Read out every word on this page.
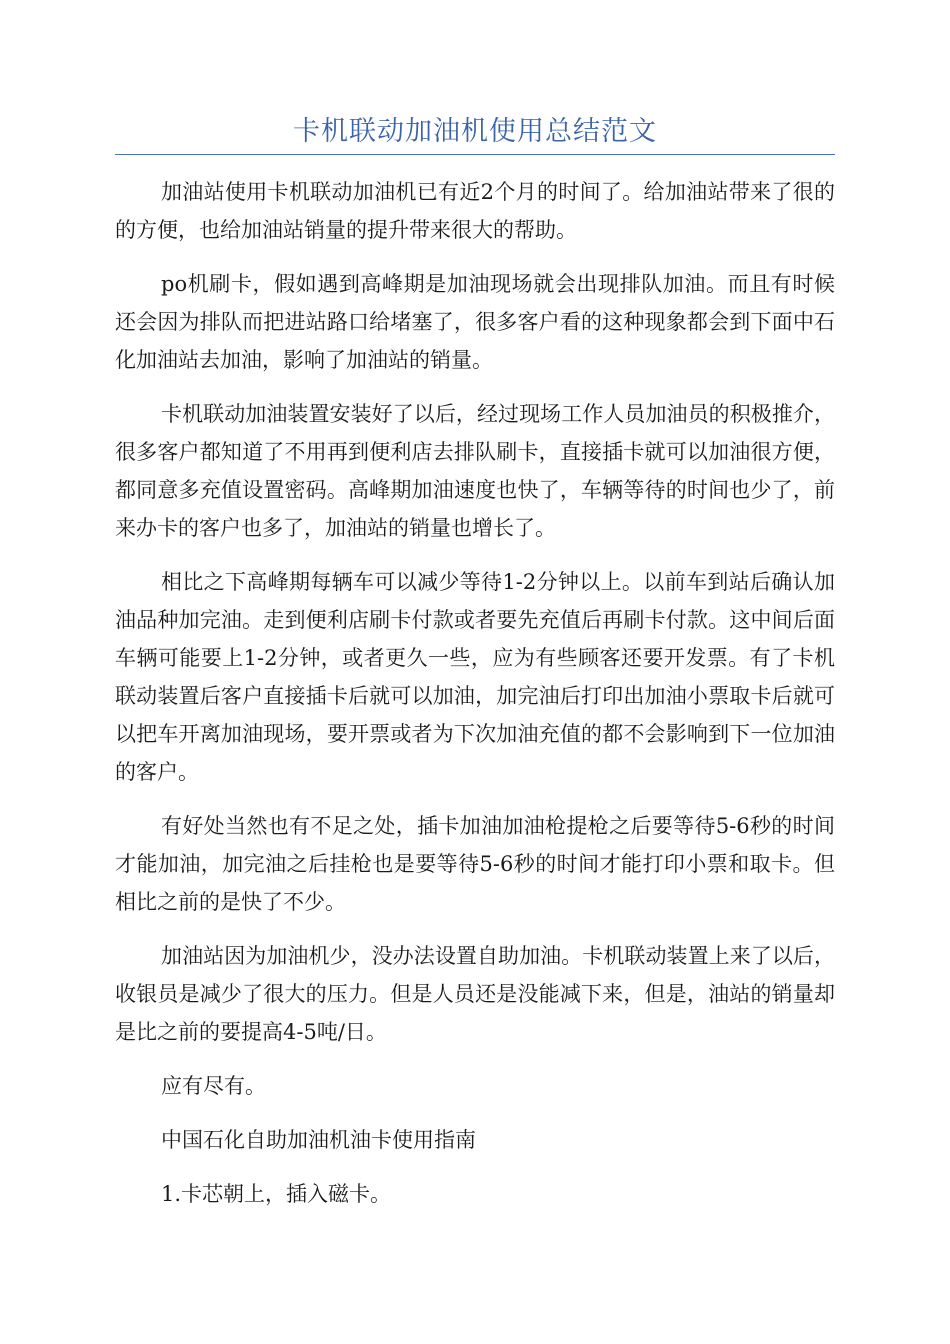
卡机联动加油机使用总结范文

加油站使用卡机联动加油机已有近2个月的时间了。给加油站带来了很的的方便，也给加油站销量的提升带来很大的帮助。

po机刷卡，假如遇到高峰期是加油现场就会出现排队加油。而且有时候还会因为排队而把进站路口给堵塞了，很多客户看的这种现象都会到下面中石化加油站去加油，影响了加油站的销量。

卡机联动加油装置安装好了以后，经过现场工作人员加油员的积极推介，很多客户都知道了不用再到便利店去排队刷卡，直接插卡就可以加油很方便，都同意多充值设置密码。高峰期加油速度也快了，车辆等待的时间也少了，前来办卡的客户也多了，加油站的销量也增长了。

相比之下高峰期每辆车可以减少等待1-2分钟以上。以前车到站后确认加油品种加完油。走到便利店刷卡付款或者要先充值后再刷卡付款。这中间后面车辆可能要上1-2分钟，或者更久一些，应为有些顾客还要开发票。有了卡机联动装置后客户直接插卡后就可以加油，加完油后打印出加油小票取卡后就可以把车开离加油现场，要开票或者为下次加油充值的都不会影响到下一位加油的客户。

有好处当然也有不足之处，插卡加油加油枪提枪之后要等待5-6秒的时间才能加油，加完油之后挂枪也是要等待5-6秒的时间才能打印小票和取卡。但相比之前的是快了不少。

加油站因为加油机少，没办法设置自助加油。卡机联动装置上来了以后，收银员是减少了很大的压力。但是人员还是没能减下来，但是，油站的销量却是比之前的要提高4-5吨/日。

应有尽有。

中国石化自助加油机油卡使用指南

1.卡芯朝上，插入磁卡。
